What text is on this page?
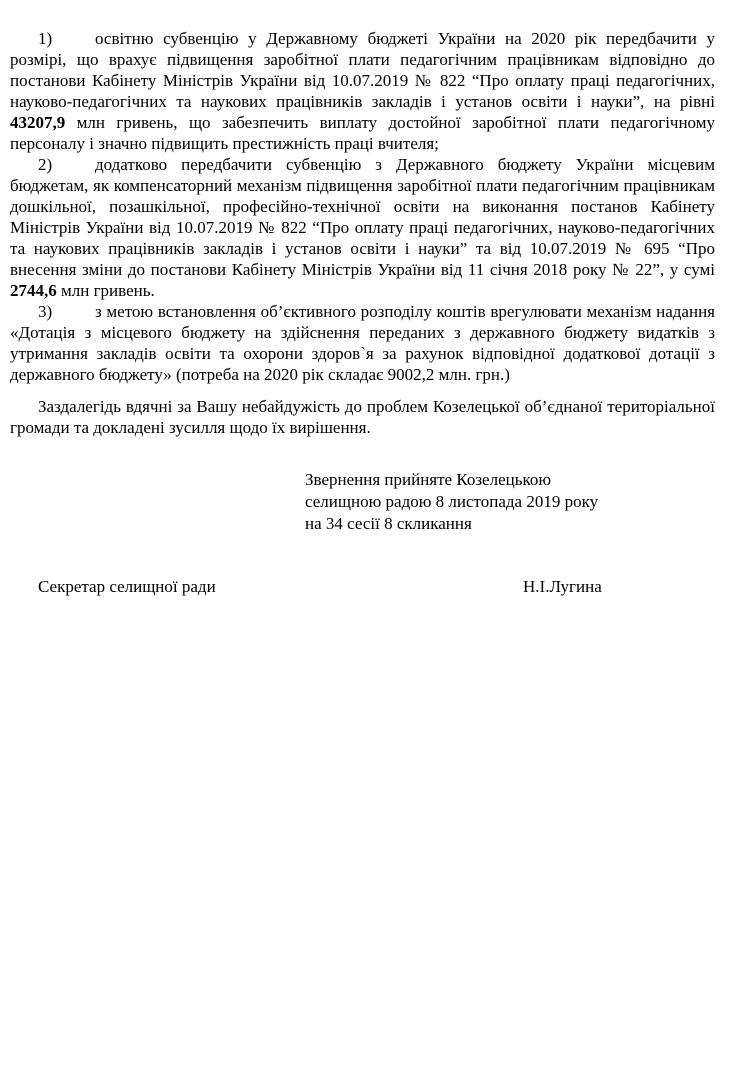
1)	освітню субвенцію у Державному бюджеті України на 2020 рік передбачити у розмірі, що врахує підвищення заробітної плати педагогічним працівникам відповідно до постанови Кабінету Міністрів України від 10.07.2019 № 822 “Про оплату праці педагогічних, науково-педагогічних та наукових працівників закладів і установ освіти і науки”, на рівні 43207,9 млн гривень, що забезпечить виплату достойної заробітної плати педагогічному персоналу і значно підвищить престижність праці вчителя;

2)	додатково передбачити субвенцію з Державного бюджету України місцевим бюджетам, як компенсаторний механізм підвищення заробітної плати педагогічним працівникам дошкільної, позашкільної, професійно-технічної освіти на виконання постанов Кабінету Міністрів України від 10.07.2019 № 822 “Про оплату праці педагогічних, науково-педагогічних та наукових працівників закладів і установ освіти і науки” та від 10.07.2019 № 695 “Про внесення зміни до постанови Кабінету Міністрів України від 11 січня 2018 року № 22”, у сумі 2744,6 млн гривень.

3)	з метою встановлення об’єктивного розподілу коштів врегулювати механізм надання «Дотація з місцевого бюджету на здійснення переданих з державного бюджету видатків з утримання закладів освіти та охорони здоров`я за рахунок відповідної додаткової дотації з державного бюджету» (потреба на 2020 рік складає 9002,2 млн. грн.)

Заздалегідь вдячні за Вашу небайдужість до проблем Козелецької об’єднаної територіальної громади та докладені зусилля щодо їх вирішення.

Звернення прийняте Козелецькою
селищною радою 8 листопада 2019 року
на 34 сесії 8 скликання
Секретар селищної ради	Н.І.Лугина
